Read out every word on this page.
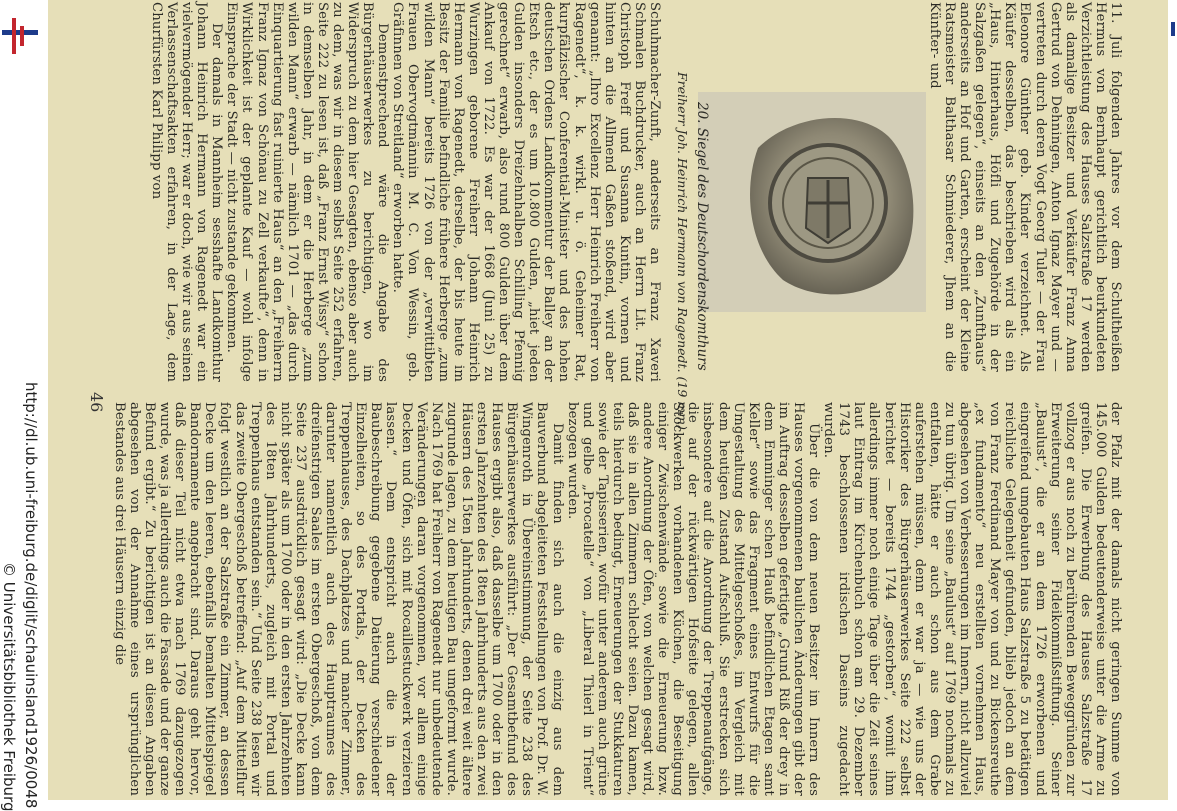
http://dl.ub.uni-freiburg.de/diglit/schauinsland1926/0048
© Universitätsbibliothek Freiburg

11. Juli folgenden Jahres vor dem Schultheißen Hermus von Bernhaupt gerichtlich beurkundeten Verzichtleistung des Hauses Salzstraße 17 werden als damalige Besitzer und Verkäufer Franz Anna Gertrud von Dehningen, Anton Ignaz Mayer und — vertreten durch deren Vogt Georg Tuler — der Frau Eleonore Günther geb. Kinder verzeichnet. Als Käufer desselben, das beschrieben wird als ein „Haus, Hinterhaus, Höfli und Zugehörde in der Salzgaßen gelegen“, einseits an den „Zunfthaus“ anderseits an Hof und Garten, erscheint der Kleine Ratsmeister Balthasar Schmiederer, Jhem an die Künfter- und

20. Siegel des Deutschordenskomthurs
Freiherr Joh. Heinrich Hermann von Ragenedt. (19 mm)

Schuhmacher-Zunft, anderseits an Franz Xaveri Schmalen Buchdrucker, auch an Herrn Lit. Franz Christoph Freff und Susanna Kuntin, vornen und hinten an die Allmend Gaßen stoßend, wird aber genannt: „Ihro Excellenz Herr Heinrich Freiherr von Ragenedt“, k. k. wirkl. u. ö. Geheimer Rat, kurpfälzischer Conferential-Minister und des hohen deutschen Ordens Landkommentur der Balley an der Etsch etc., der es um 10.800 Gulden, „hiet jeden Gulden insonders Dreizehnhalben Schilling Pfennig gerechnet“ erwarb, also rund 800 Gulden über dem Ankauf von 1722. Es war der 1668 (Juni 25) zu Wurzingen geborene Freiherr Johann Heinrich Hermann von Ragenedt, derselbe, der bis heute im Besitz der Familie befindliche frühere Herberge „zum wilden Mann“ bereits 1726 von der „verwittibten Frauen Obervogtmännin M. C. Von Wessin, geb. Gräfinnen von Streitland“ erworben hatte.

Demenstprechend wäre die Angabe des Bürgerhäuserwerkes zu berichtigen, wo im Widerspruch zu dem hier Gesagten, ebenso aber auch zu dem, was wir in diesem selbst Seite 252 erfahren, Seite 222 zu lesen ist, daß „Franz Ernst Wissy“ schon in demselben Jahr, in dem er die Herberge „zum wilden Mann“ erwarb — nämlich 1701 — „das durch Einquartierung fast ruinierte Haus“ an den „Freiherrn Franz Ignaz von Schönau zu Zell verkaufte“, denn in Wirklichkeit ist der geplante Kauf — wohl infolge Einsprache der Stadt — nicht zustande gekommen.

Der damals in Mannheim sesshafte Landkomthur Johann Heinrich Hermann von Ragenedt war ein vielvermögender Herr; war er doch, wie wir aus seinen Verlassenschaftsakten erfahren, in der Lage, dem Churfürsten Karl Philipp von

46	der Pfalz mit der damals nicht geringen Summe von 145.000 Gulden bedeutenderweise unter die Arme zu greifen. Die Erwerbung des Hauses Salzstraße 17 vollzog er aus noch zu berührenden Beweggründen zur Erweiterung seiner Fideikommißstiftung. Seiner „Baulust“, die er an dem 1726 erworbenen und eingreifend umgebauten Haus Salzstraße 5 zu betätigen reichliche Gelegenheit gefunden, blieb jedoch an dem von Franz Ferdinand Mayer von und zu Bickensreuthe „ex fundamento“ neu erstellten vornehmen Haus, abgesehen von Verbesserungen im Innern, nicht allzuviel zu tun übrig. Um seine „Baulust“ auf 1769 nochmals zu entfalten, hätte er auch schon aus dem Grabe auferstehen müssen, denn er war ja — wie uns der Historiker des Bürgerhäuserwerkes Seite 222 selbst berichtet — bereits 1744 „gestorben“, womit ihm allerdings immer noch einige Tage über die Zeit seines laut Eintrag im Kirchenbuch schon am 29. Dezember 1743 beschlossenen irdischen Daseins zugedacht wurden.

Über die von dem neuen Besitzer im Innern des Hauses vorgenommenen baulichen Änderungen gibt der im Auftrag desselben gefertigte „Grund Riß der drey in dem Emminger schen Hauß befindlichen Etagen samt Keller“ sowie das Fragment eines Entwurfs für die Umgestaltung des Mittelgeschoßes, im Vergleich mit dem heutigen Zustand Aufschluß. Sie erstrecken sich insbesondere auf die Anordnung der Treppenaufgänge, die auf der rückwärtigen Hofseite gelegen, allen Stockwerken vorhandenen Küchen, die Beseitigung einiger Zwischenwände sowie die Erneuerung bzw. andere Anordnung der Öfen, von welchen gesagt wird, daß sie in allen Zimmern schlecht seien. Dazu kamen, teils hierdurch bedingt, Erneuerungen der Stukkaturen sowie der Tapisserien, wofür unter anderem auch grüne und gelbe „Procatelle“ von „Liberal Thierl in Trient“ bezogen wurden.

Damit finden sich auch die einzig aus dem Bauverbund abgeleiteten Feststellungen von Prof. Dr. W. Wingenroth in Übereinstimmung, der Seite 238 des Bürgerhäuserwerkes ausführt: „Der Gesamtbefund des Hauses ergibt also, daß dasselbe um 1700 oder in den ersten Jahrzehnten des 18ten Jahrhunderts aus den zwei Häusern des 15ten Jahrhunderts, denen drei weit ältere zugrunde lagen, zu dem heutigen Bau umgeformt wurde. Nach 1769 hat Freiherr von Ragenedt nur unbedeutende Veränderungen daran vorgenommen, vor allem einige Decken und Öfen, sich mit Rocaillestuckwerk verzieren lassen.“ Dem entspricht auch die in der Baubeschreibung gegebene Datierung verschiedener Einzelheiten, so des Portals, der Decken des Treppenhauses, des Dachplatzes und mancher Zimmer, darunter namentlich auch des Hauptraumes des dreifenstrigen Saales im ersten Obergeschoß, von dem Seite 237 ausdrücklich gesagt wird: „Die Decke kann nicht später als um 1700 oder in den ersten Jahrzehnten des 18ten Jahrhunderts, zugleich mit Portal und Treppenhaus entstanden sein.“ Und Seite 238 lesen wir das zweite Obergeschoß betreffend: „Auf dem Mittelflur folgt westlich an der Salzstraße ein Zimmer, an dessen Decke um den leeren, ebenfalls bemalten Mittelspiegel Bandornamente angebracht sind. Daraus geht hervor, daß dieser Teil nicht etwa nach 1769 dazugezogen wurde, was ja allerdings auch die Fassade und der ganze Befund ergibt.“ Zu berichtigen ist an diesen Angaben abgesehen von der Annahme eines ursprünglichen Bestandes aus drei Häusern einzig die
